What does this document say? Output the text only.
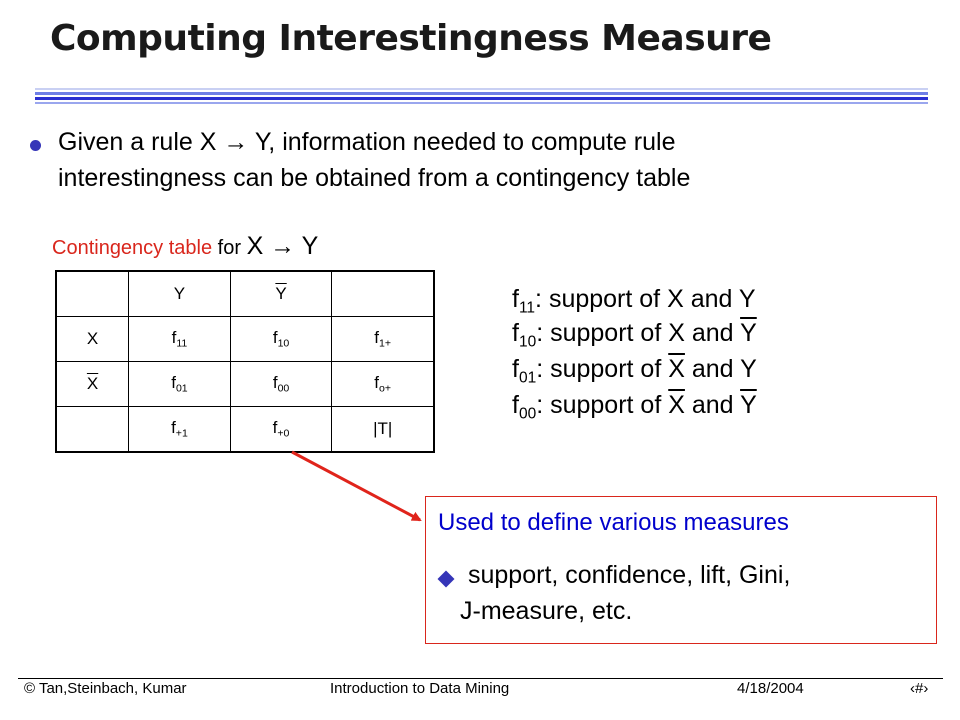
Computing Interestingness Measure
Given a rule X → Y, information needed to compute rule
interestingness can be obtained from a contingency table
Contingency table for X → Y
	Y	$\overline{Y}$	
X	$f_{11}$	$f_{10}$	$f_{1+}$
$\overline{X}$	$f_{01}$	$f_{00}$	$f_{o+}$
	$f_{+1}$	$f_{+0}$	|T|
$f_{11}$: support of X and Y
$f_{10}$: support of X and $\overline{Y}$
$f_{01}$: support of $\overline{X}$ and Y
$f_{00}$: support of $\overline{X}$ and $\overline{Y}$
Used to define various measures
support, confidence, lift, Gini,
J-measure, etc.
© Tan,Steinbach, Kumar	Introduction to Data Mining	4/18/2004	‹#›
